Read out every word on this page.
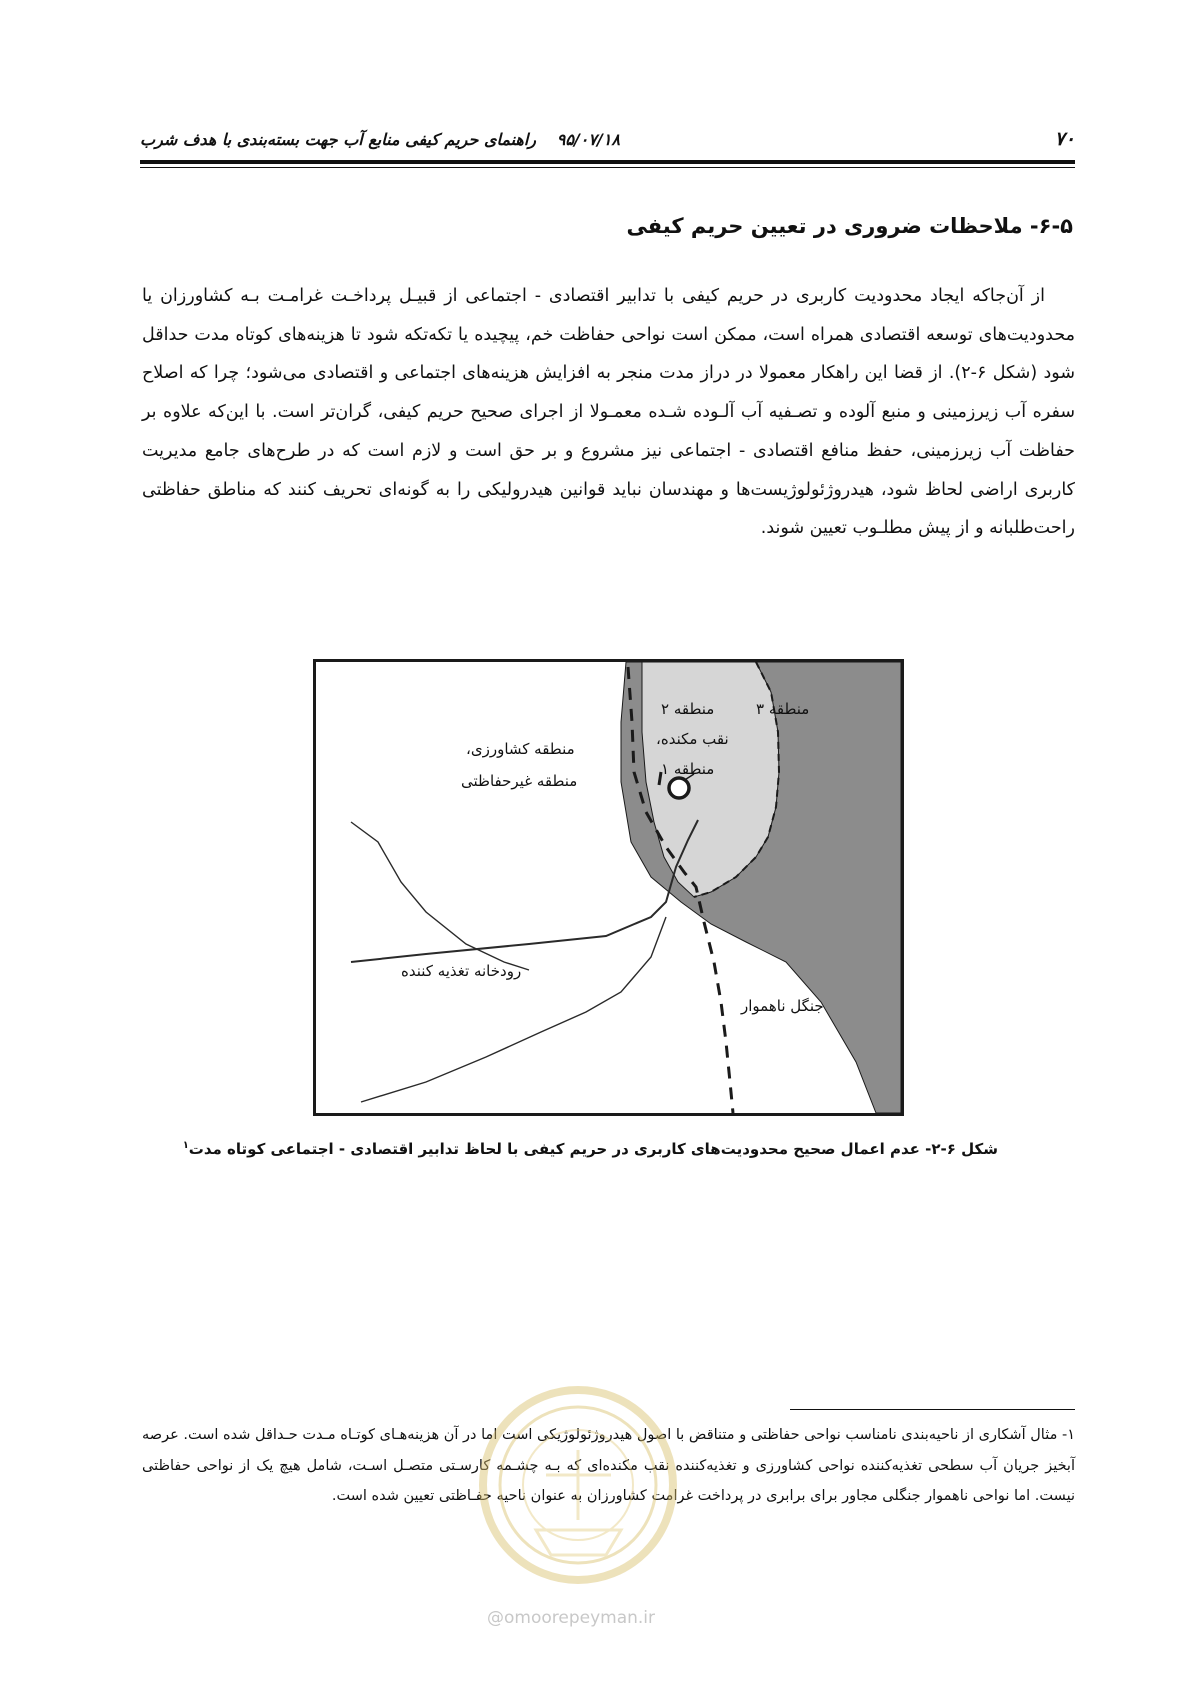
۷۰
۹۵/۰۷/۱۸
راهنمای حریم کیفی منابع آب جهت بسته‌بندی با هدف شرب
۶-۵- ملاحظات ضروری در تعیین حریم کیفی

از آن‌جاکه ایجاد محدودیت کاربری در حریم کیفی با تدابیر اقتصادی - اجتماعی از قبیـل پرداخـت غرامـت بـه کشاورزان یا محدودیت‌های توسعه اقتصادی همراه است، ممکن است نواحی حفاظت خم، پیچیده یا تکه‌تکه شود تا هزینه‌های کوتاه مدت حداقل شود (شکل ۶-۲). از قضا این راهکار معمولا در دراز مدت منجر به افزایش هزینه‌های اجتماعی و اقتصادی می‌شود؛ چرا که اصلاح سفره آب زیرزمینی و منبع آلوده و تصـفیه آب آلـوده شـده معمـولا از اجرای صحیح حریم کیفی، گران‌تر است. با این‌که علاوه بر حفاظت آب زیرزمینی، حفظ منافع اقتصادی - اجتماعی نیز مشروع و بر حق است و لازم است که در طرح‌های جامع مدیریت کاربری اراضی لحاظ شود، هیدروژئولوژیست‌ها و مهندسان نباید قوانین هیدرولیکی را به گونه‌ای تحریف کنند که مناطق حفاظتی راحت‌طلبانه و از پیش مطلـوب تعیین شوند.

منطقه ۳
منطقه ۲
نقب مکنده،
منطقه ۱
منطقه کشاورزی،
منطقه غیرحفاظتی
رودخانه تغذیه کننده
جنگل ناهموار
شکل ۶-۲- عدم اعمال صحیح محدودیت‌های کاربری در حریم کیفی با لحاظ تدابیر اقتصادی - اجتماعی کوتاه مدت$^۱$

۱- مثال آشکاری از ناحیه‌بندی نامناسب نواحی حفاظتی و متناقض با اصول هیدروژئولوژیکی است اما در آن هزینه‌هـای کوتـاه مـدت حـداقل شده است. عرصه آبخیز جریان آب سطحی تغذیه‌کننده نواحی کشاورزی و تغذیه‌کننده نقب مکنده‌ای که بـه چشـمه کارسـتی متصـل اسـت، شامل هیچ یک از نواحی حفاظتی نیست. اما نواحی ناهموار جنگلی مجاور برای برابری در پرداخت غرامت کشاورزان به عنوان ناحیه حفـاظتی تعیین شده است.

@omoorepeyman.ir
